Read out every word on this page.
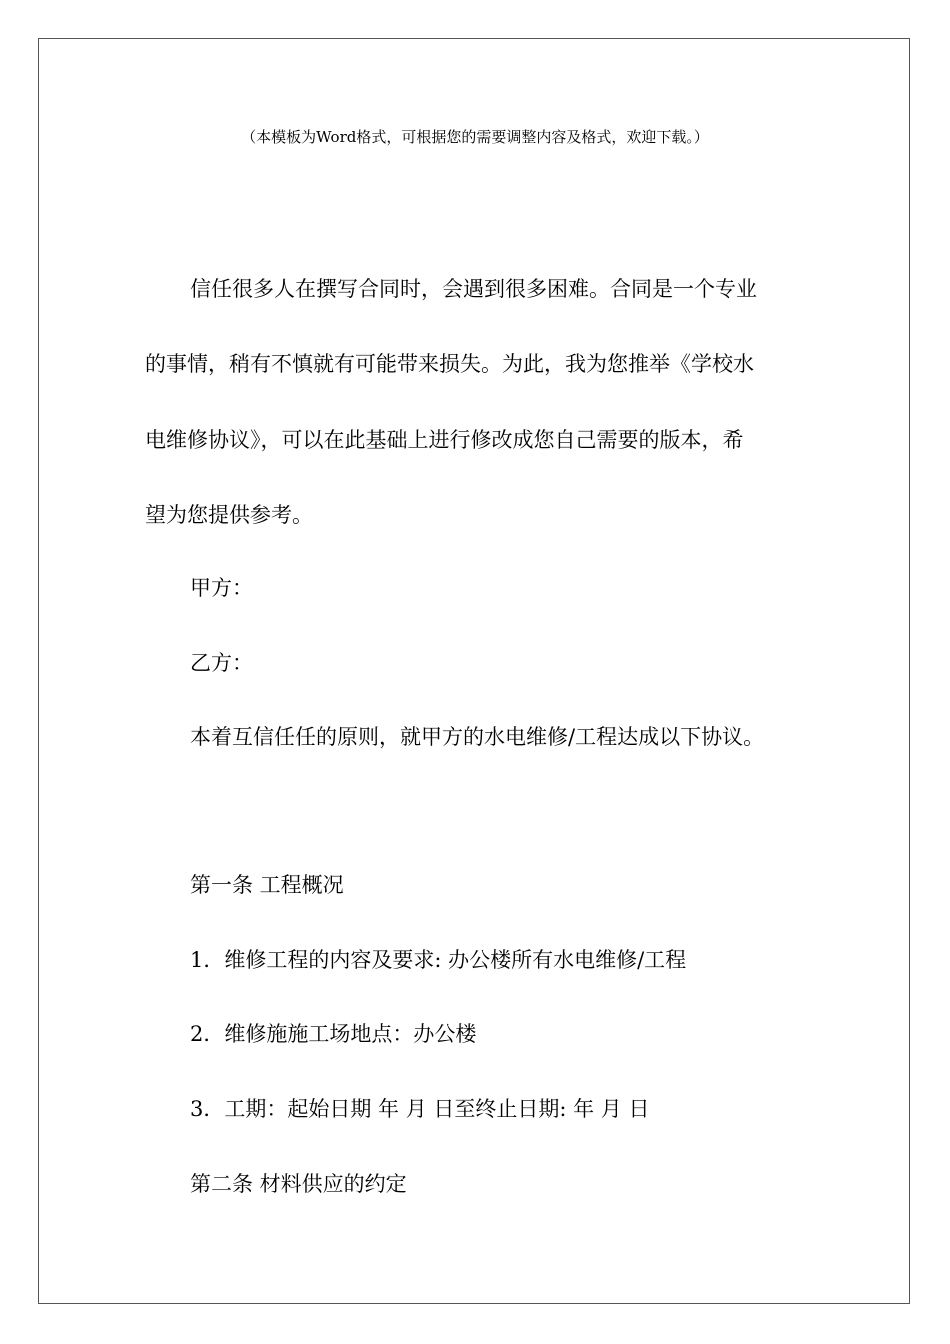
（本模板为Word格式，可根据您的需要调整内容及格式，欢迎下载。）
信任很多人在撰写合同时，会遇到很多困难。合同是一个专业
的事情，稍有不慎就有可能带来损失。为此，我为您推举《学校水
电维修协议》，可以在此基础上进行修改成您自己需要的版本，希
望为您提供参考。
甲方：
乙方：
本着互信任任的原则，就甲方的水电维修/工程达成以下协议。
第一条 工程概况
1．维修工程的内容及要求: 办公楼所有水电维修/工程
2．维修施施工场地点：办公楼
3．工期：起始日期 年 月 日至终止日期: 年 月 日
第二条 材料供应的约定
